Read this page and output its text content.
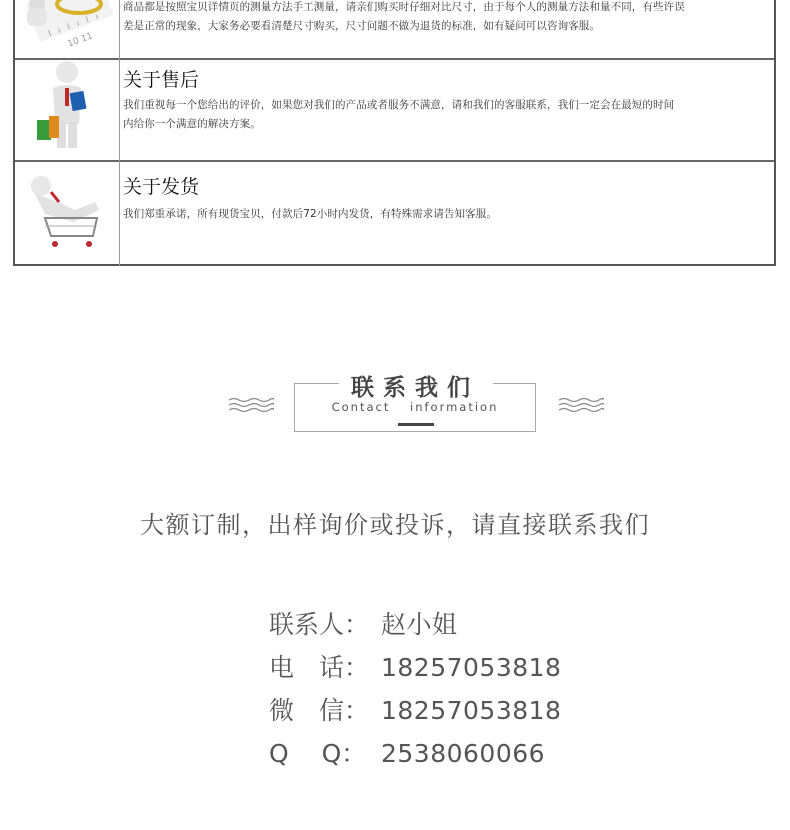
10 11
商品都是按照宝贝详情页的测量方法手工测量，请亲们购买时仔细对比尺寸，由于每个人的测量方法和量不同，有些许误
差是正常的现象，大家务必要看清楚尺寸购买，尺寸问题不做为退货的标准，如有疑问可以咨询客服。
关于售后
我们重视每一个您给出的评价，如果您对我们的产品或者服务不满意，请和我们的客服联系，我们一定会在最短的时间
内给你一个满意的解决方案。
关于发货
我们郑重承诺，所有现货宝贝，付款后72小时内发货，有特殊需求请告知客服。
联系我们
Contact information
大额订制，出样询价或投诉，请直接联系我们
联系人： 赵小姐
电　话： 18257053818
微　信： 18257053818
Q　 Q： 2538060066
